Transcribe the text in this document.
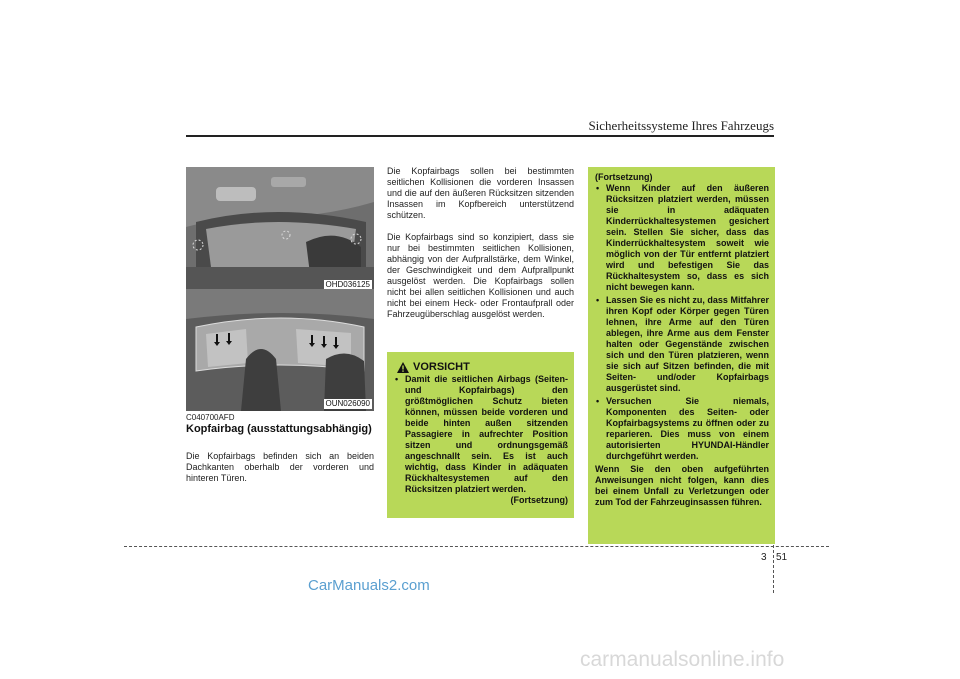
Sicherheitssysteme Ihres Fahrzeugs
OHD036125
OUN026090
C040700AFD
Kopfairbag (ausstattungsabhängig)

Die Kopfairbags befinden sich an beiden Dachkanten oberhalb der vorderen und hinteren Türen.

Die Kopfairbags sollen bei bestimmten seitlichen Kollisionen die vorderen Insassen und die auf den äußeren Rücksitzen sitzenden Insassen im Kopfbereich unterstützend schützen.

Die Kopfairbags sind so konzipiert, dass sie nur bei bestimmten seitlichen Kollisionen, abhängig von der Aufprallstärke, dem Winkel, der Geschwindigkeit und dem Aufprallpunkt ausgelöst werden. Die Kopfairbags sollen nicht bei allen seitlichen Kollisionen und auch nicht bei einem Heck- oder Frontaufprall oder Fahrzeugüberschlag ausgelöst werden.

VORSICHT
• Damit die seitlichen Airbags (Seiten- und Kopfairbags) den größtmöglichen Schutz bieten können, müssen beide vorderen und beide hinten außen sitzenden Passagiere in aufrechter Position sitzen und ordnungsgemäß angeschnallt sein. Es ist auch wichtig, dass Kinder in adäquaten Rückhaltesystemen auf den Rücksitzen platziert werden.
(Fortsetzung)
(Fortsetzung)
• Wenn Kinder auf den äußeren Rücksitzen platziert werden, müssen sie in adäquaten Kinderrückhaltesystemen gesichert sein. Stellen Sie sicher, dass das Kinderrückhaltesystem soweit wie möglich von der Tür entfernt platziert wird und befestigen Sie das Rückhaltesystem so, dass es sich nicht bewegen kann.
• Lassen Sie es nicht zu, dass Mitfahrer ihren Kopf oder Körper gegen Türen lehnen, ihre Arme auf den Türen ablegen, ihre Arme aus dem Fenster halten oder Gegenstände zwischen sich und den Türen platzieren, wenn sie sich auf Sitzen befinden, die mit Seiten- und/oder Kopfairbags ausgerüstet sind.
• Versuchen Sie niemals, Komponenten des Seiten- oder Kopfairbagsystems zu öffnen oder zu reparieren. Dies muss von einem autorisierten HYUNDAI-Händler durchgeführt werden.
Wenn Sie den oben aufgeführten Anweisungen nicht folgen, kann dies bei einem Unfall zu Verletzungen oder zum Tod der Fahrzeuginsassen führen.
3 51
CarManuals2.com
carmanualsonline.info
